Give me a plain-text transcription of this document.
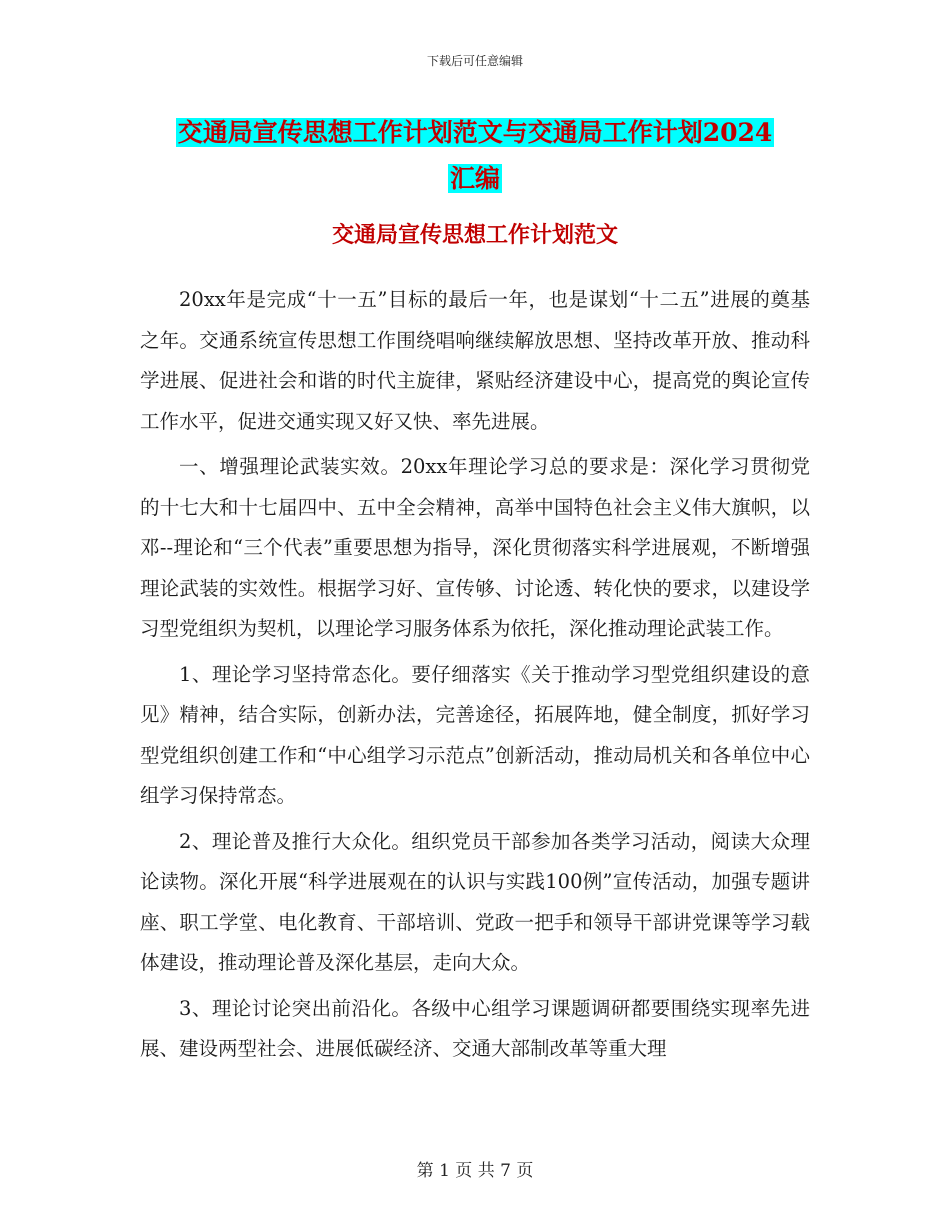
下载后可任意编辑
交通局宣传思想工作计划范文与交通局工作计划2024
汇编
交通局宣传思想工作计划范文

20xx年是完成“十一五”目标的最后一年，也是谋划“十二五”进展的奠基之年。交通系统宣传思想工作围绕唱响继续解放思想、坚持改革开放、推动科学进展、促进社会和谐的时代主旋律，紧贴经济建设中心，提高党的舆论宣传工作水平，促进交通实现又好又快、率先进展。

一、增强理论武装实效。20xx年理论学习总的要求是：深化学习贯彻党的十七大和十七届四中、五中全会精神，高举中国特色社会主义伟大旗帜，以邓--理论和“三个代表”重要思想为指导，深化贯彻落实科学进展观，不断增强理论武装的实效性。根据学习好、宣传够、讨论透、转化快的要求，以建设学习型党组织为契机，以理论学习服务体系为依托，深化推动理论武装工作。

1、理论学习坚持常态化。要仔细落实《关于推动学习型党组织建设的意见》精神，结合实际，创新办法，完善途径，拓展阵地，健全制度，抓好学习型党组织创建工作和“中心组学习示范点”创新活动，推动局机关和各单位中心组学习保持常态。

2、理论普及推行大众化。组织党员干部参加各类学习活动，阅读大众理论读物。深化开展“科学进展观在的认识与实践100例”宣传活动，加强专题讲座、职工学堂、电化教育、干部培训、党政一把手和领导干部讲党课等学习载体建设，推动理论普及深化基层，走向大众。

3、理论讨论突出前沿化。各级中心组学习课题调研都要围绕实现率先进展、建设两型社会、进展低碳经济、交通大部制改革等重大理

第 1 页 共 7 页
